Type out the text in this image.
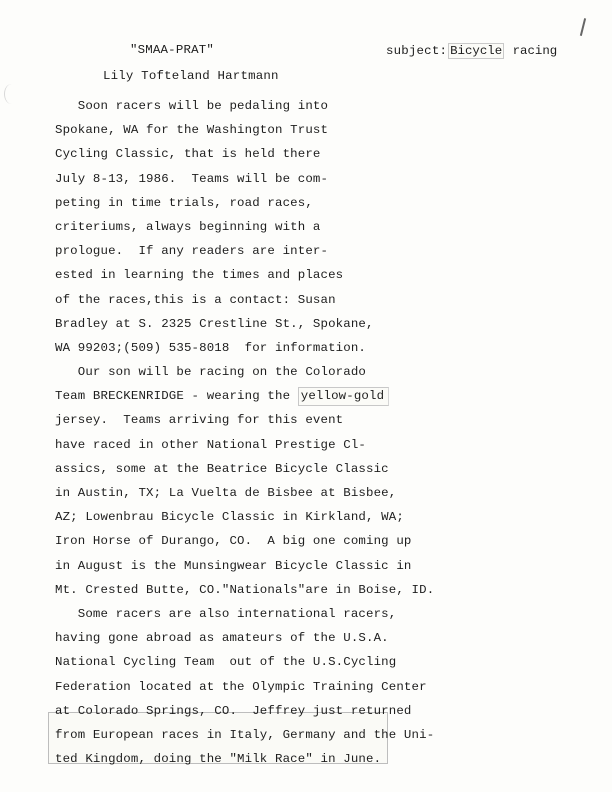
"SMAA-PRAT"	subject: Bicycle racing
Lily Tofteland Hartmann
Soon racers will be pedaling into
Spokane, WA for the Washington Trust
Cycling Classic, that is held there
July 8-13, 1986.  Teams will be com-
peting in time trials, road races,
criteriums, always beginning with a
prologue.  If any readers are inter-
ested in learning the times and places
of the races,this is a contact: Susan
Bradley at S. 2325 Crestline St., Spokane,
WA 99203;(509) 535-8018  for information.
Our son will be racing on the Colorado
Team BRECKENRIDGE - wearing the yellow-gold
jersey.  Teams arriving for this event
have raced in other National Prestige Cl-
assics, some at the Beatrice Bicycle Classic
in Austin, TX; La Vuelta de Bisbee at Bisbee,
AZ; Lowenbrau Bicycle Classic in Kirkland, WA;
Iron Horse of Durango, CO.  A big one coming up
in August is the Munsingwear Bicycle Classic in
Mt. Crested Butte, CO."Nationals"are in Boise, ID.
Some racers are also international racers,
having gone abroad as amateurs of the U.S.A.
National Cycling Team  out of the U.S.Cycling
Federation located at the Olympic Training Center
at Colorado Springs, CO.  Jeffrey just returned
from European races in Italy, Germany and the Uni-
ted Kingdom, doing the "Milk Race" in June.
